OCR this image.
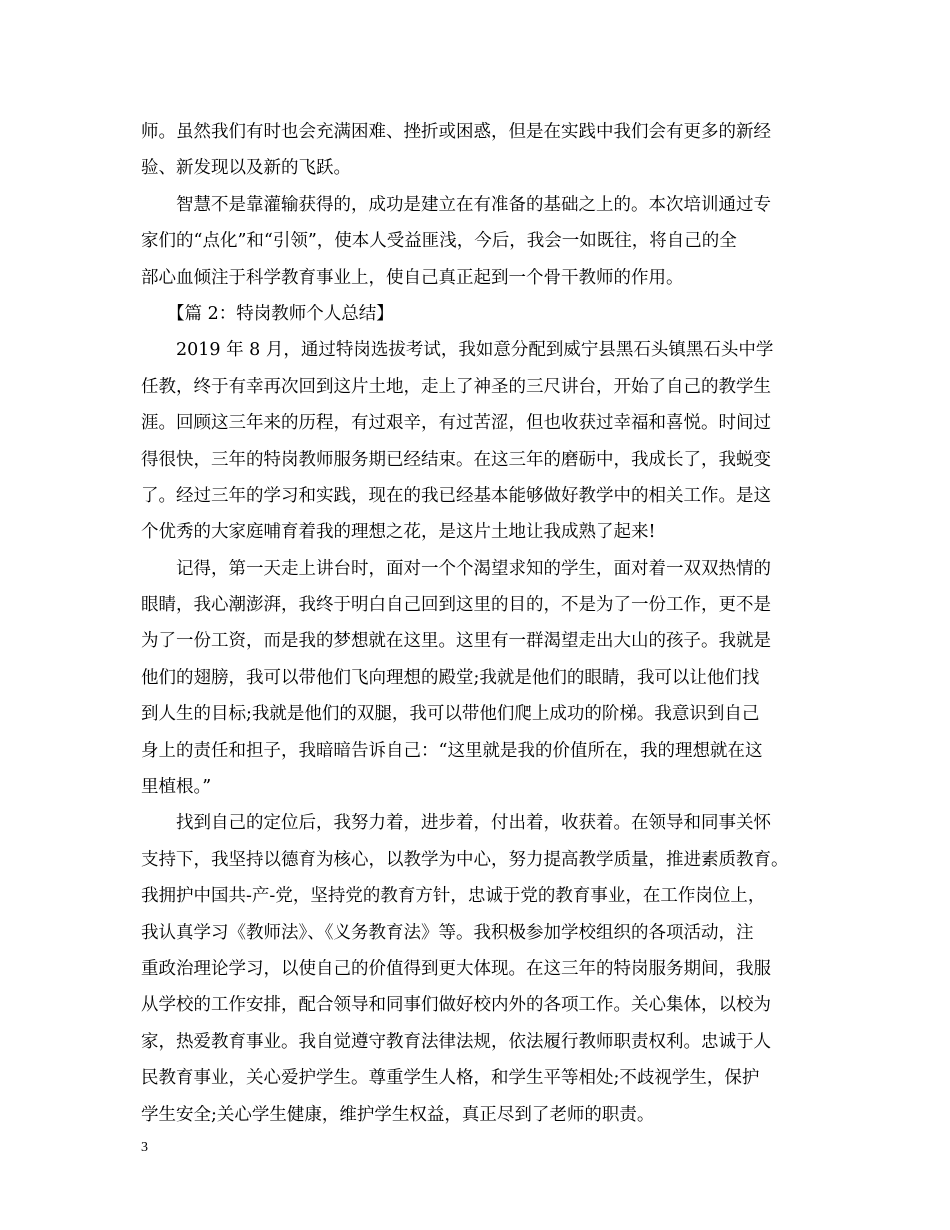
师。虽然我们有时也会充满困难、挫折或困惑，但是在实践中我们会有更多的新经
验、新发现以及新的飞跃。
智慧不是靠灌输获得的，成功是建立在有准备的基础之上的。本次培训通过专
家们的“点化”和“引领”，使本人受益匪浅，今后，我会一如既往，将自己的全
部心血倾注于科学教育事业上，使自己真正起到一个骨干教师的作用。
【篇 2：特岗教师个人总结】
2019 年 8 月，通过特岗选拔考试，我如意分配到威宁县黑石头镇黑石头中学
任教，终于有幸再次回到这片土地，走上了神圣的三尺讲台，开始了自己的教学生
涯。回顾这三年来的历程，有过艰辛，有过苦涩，但也收获过幸福和喜悦。时间过
得很快，三年的特岗教师服务期已经结束。在这三年的磨砺中，我成长了，我蜕变
了。经过三年的学习和实践，现在的我已经基本能够做好教学中的相关工作。是这
个优秀的大家庭哺育着我的理想之花，是这片土地让我成熟了起来!
记得，第一天走上讲台时，面对一个个渴望求知的学生，面对着一双双热情的
眼睛，我心潮澎湃，我终于明白自己回到这里的目的，不是为了一份工作，更不是
为了一份工资，而是我的梦想就在这里。这里有一群渴望走出大山的孩子。我就是
他们的翅膀，我可以带他们飞向理想的殿堂;我就是他们的眼睛，我可以让他们找
到人生的目标;我就是他们的双腿，我可以带他们爬上成功的阶梯。我意识到自己
身上的责任和担子，我暗暗告诉自己：“这里就是我的价值所在，我的理想就在这
里植根。”
找到自己的定位后，我努力着，进步着，付出着，收获着。在领导和同事关怀
支持下，我坚持以德育为核心，以教学为中心，努力提高教学质量，推进素质教育。
我拥护中国共-产-党，坚持党的教育方针，忠诚于党的教育事业，在工作岗位上，
我认真学习《教师法》、《义务教育法》等。我积极参加学校组织的各项活动，注
重政治理论学习，以使自己的价值得到更大体现。在这三年的特岗服务期间，我服
从学校的工作安排，配合领导和同事们做好校内外的各项工作。关心集体，以校为
家，热爱教育事业。我自觉遵守教育法律法规，依法履行教师职责权利。忠诚于人
民教育事业，关心爱护学生。尊重学生人格，和学生平等相处;不歧视学生，保护
学生安全;关心学生健康，维护学生权益，真正尽到了老师的职责。
3
